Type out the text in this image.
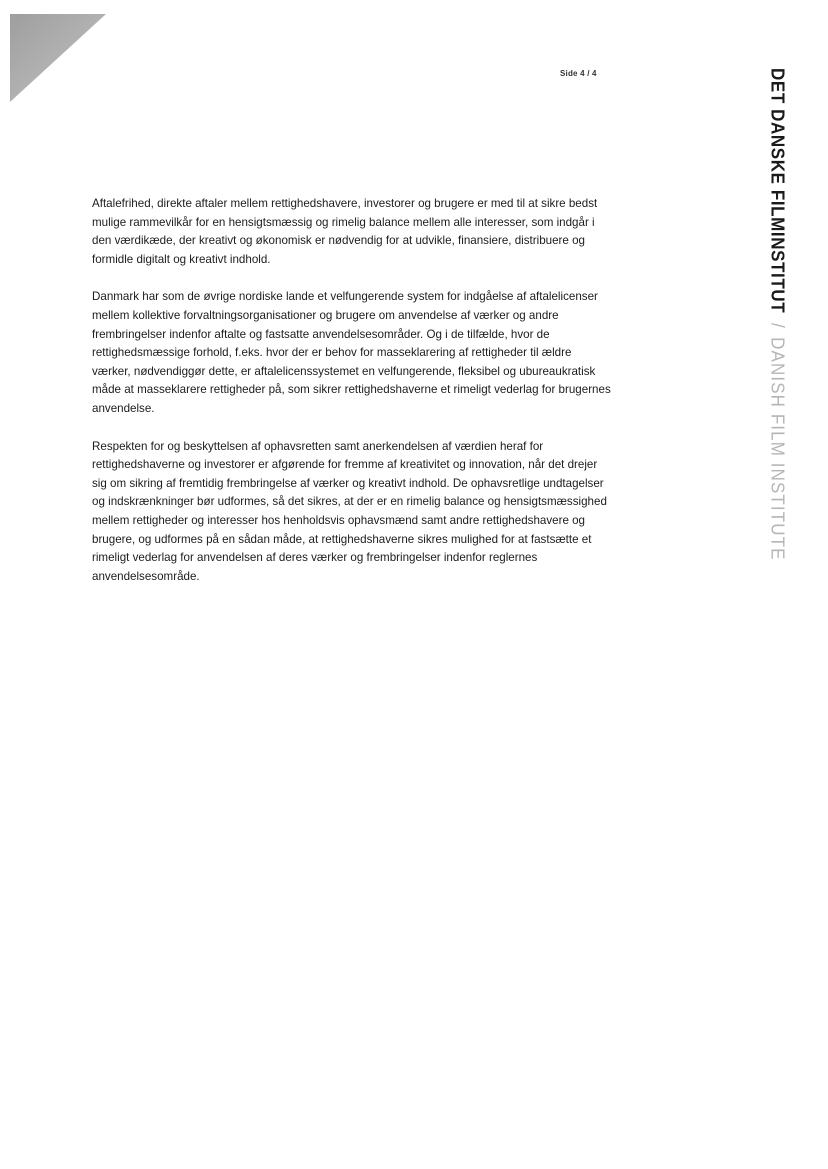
Side 4 / 4	DET DANSKE FILMINSTITUT / DANISH FILM INSTITUTE

Aftalefrihed, direkte aftaler mellem rettighedshavere, investorer og brugere er med til at sikre bedst mulige rammevilkår for en hensigtsmæssig og rimelig balance mellem alle interesser, som indgår i den værdikæde, der kreativt og økonomisk er nødvendig for at udvikle, finansiere, distribuere og formidle digitalt og kreativt indhold.

Danmark har som de øvrige nordiske lande et velfungerende system for indgåelse af aftalelicenser mellem kollektive forvaltningsorganisationer og brugere om anvendelse af værker og andre frembringelser indenfor aftalte og fastsatte anvendelsesområder. Og i de tilfælde, hvor de rettighedsmæssige forhold, f.eks. hvor der er behov for masseklarering af rettigheder til ældre værker, nødvendiggør dette, er aftalelicenssystemet en velfungerende, fleksibel og ubureaukratisk måde at masseklarere rettigheder på, som sikrer rettighedshaverne et rimeligt vederlag for brugernes anvendelse.

Respekten for og beskyttelsen af ophavsretten samt anerkendelsen af værdien heraf for rettighedshaverne og investorer er afgørende for fremme af kreativitet og innovation, når det drejer sig om sikring af fremtidig frembringelse af værker og kreativt indhold. De ophavsretlige undtagelser og indskrænkninger bør udformes, så det sikres, at der er en rimelig balance og hensigtsmæssighed mellem rettigheder og interesser hos henholdsvis ophavsmænd samt andre rettighedshavere og brugere, og udformes på en sådan måde, at rettighedshaverne sikres mulighed for at fastsætte et rimeligt vederlag for anvendelsen af deres værker og frembringelser indenfor reglernes anvendelsesområde.
